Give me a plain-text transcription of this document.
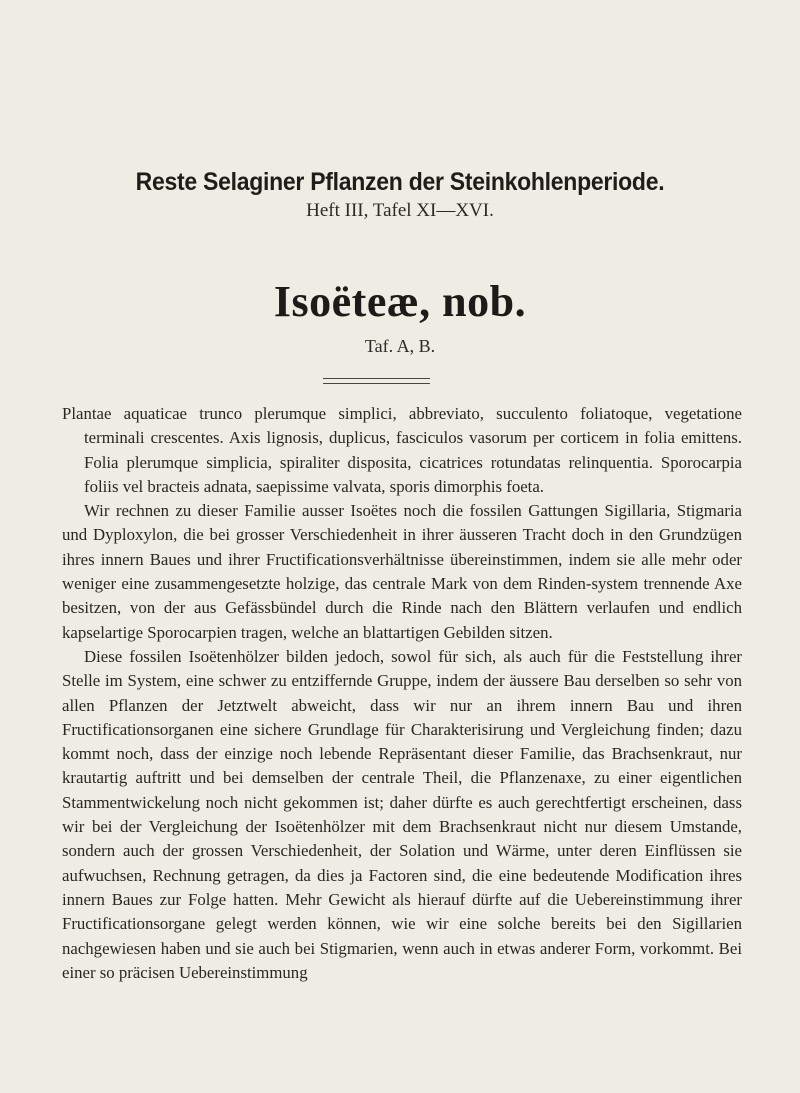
Reste Selaginer Pflanzen der Steinkohlenperiode.
Heft III, Tafel XI—XVI.
Isoëteæ, nob.
Taf. A, B.

Plantae aquaticae trunco plerumque simplici, abbreviato, succulento foliatoque, vegetatione terminali crescentes. Axis lignosis, duplicus, fasciculos vasorum per corticem in folia emittens. Folia plerumque simplicia, spiraliter disposita, cicatrices rotundatas relinquentia. Sporocarpia foliis vel bracteis adnata, saepissime valvata, sporis dimorphis foeta.

Wir rechnen zu dieser Familie ausser Isoëtes noch die fossilen Gattungen Sigillaria, Stigmaria und Dyploxylon, die bei grosser Verschiedenheit in ihrer äusseren Tracht doch in den Grundzügen ihres innern Baues und ihrer Fructificationsverhältnisse übereinstimmen, indem sie alle mehr oder weniger eine zusammengesetzte holzige, das centrale Mark von dem Rinden-system trennende Axe besitzen, von der aus Gefässbündel durch die Rinde nach den Blättern verlaufen und endlich kapselartige Sporocarpien tragen, welche an blattartigen Gebilden sitzen.

Diese fossilen Isoëtenhölzer bilden jedoch, sowol für sich, als auch für die Feststellung ihrer Stelle im System, eine schwer zu entziffernde Gruppe, indem der äussere Bau derselben so sehr von allen Pflanzen der Jetztwelt abweicht, dass wir nur an ihrem innern Bau und ihren Fructificationsorganen eine sichere Grundlage für Charakterisirung und Vergleichung finden; dazu kommt noch, dass der einzige noch lebende Repräsentant dieser Familie, das Brachsenkraut, nur krautartig auftritt und bei demselben der centrale Theil, die Pflanzenaxe, zu einer eigentlichen Stammentwickelung noch nicht gekommen ist; daher dürfte es auch gerechtfertigt erscheinen, dass wir bei der Vergleichung der Isoëtenhölzer mit dem Brachsenkraut nicht nur diesem Umstande, sondern auch der grossen Verschiedenheit, der Solation und Wärme, unter deren Einflüssen sie aufwuchsen, Rechnung getragen, da dies ja Factoren sind, die eine bedeutende Modification ihres innern Baues zur Folge hatten. Mehr Gewicht als hierauf dürfte auf die Uebereinstimmung ihrer Fructificationsorgane gelegt werden können, wie wir eine solche bereits bei den Sigillarien nachgewiesen haben und sie auch bei Stigmarien, wenn auch in etwas anderer Form, vorkommt. Bei einer so präcisen Uebereinstimmung
